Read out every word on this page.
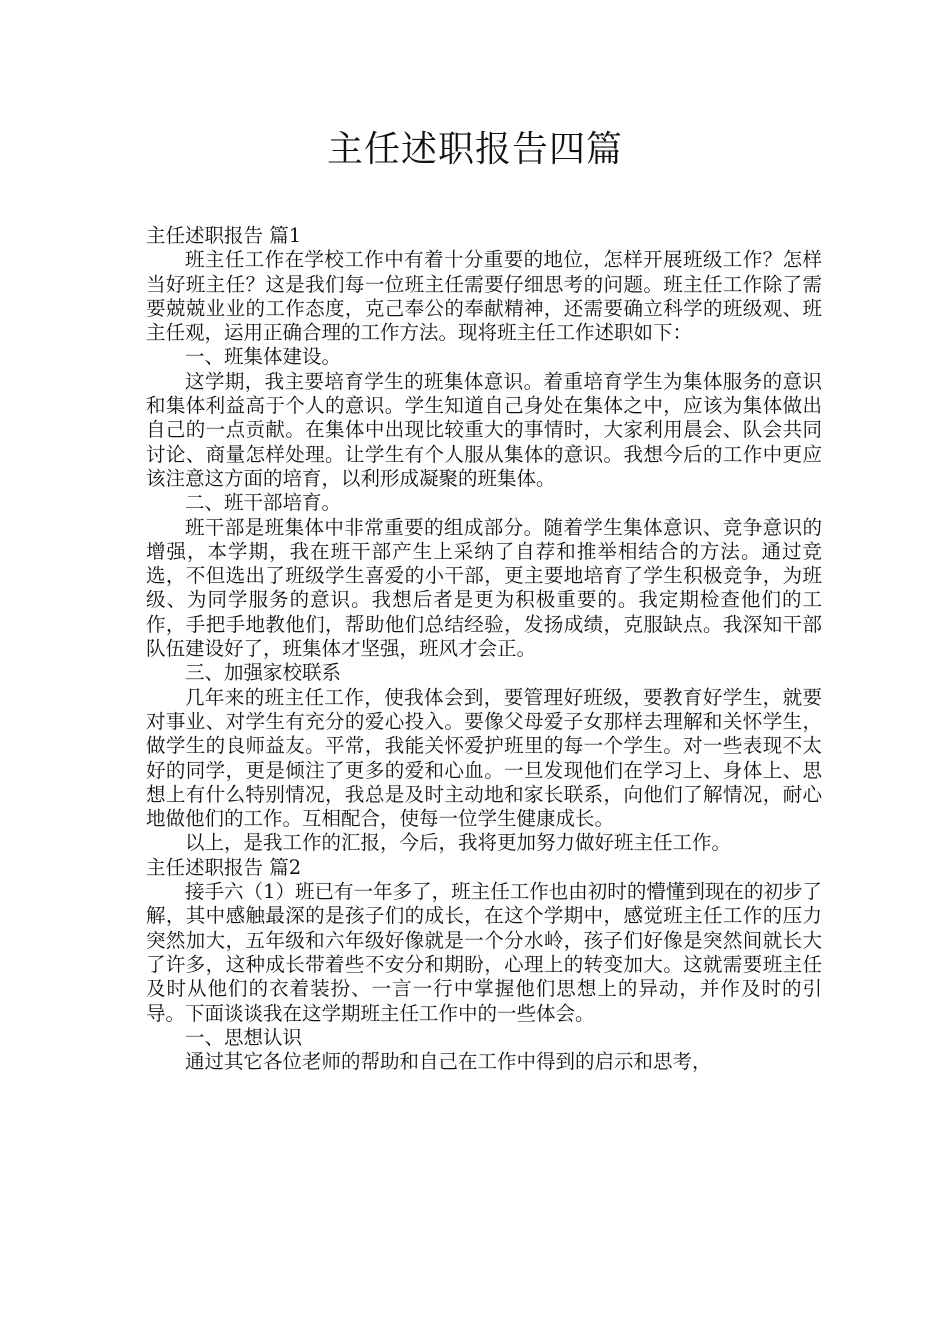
主任述职报告四篇

主任述职报告 篇1

班主任工作在学校工作中有着十分重要的地位，怎样开展班级工作？怎样当好班主任？这是我们每一位班主任需要仔细思考的问题。班主任工作除了需要兢兢业业的工作态度，克己奉公的奉献精神，还需要确立科学的班级观、班主任观，运用正确合理的工作方法。现将班主任工作述职如下：

一、班集体建设。

这学期，我主要培育学生的班集体意识。着重培育学生为集体服务的意识和集体利益高于个人的意识。学生知道自己身处在集体之中，应该为集体做出自己的一点贡献。在集体中出现比较重大的事情时，大家利用晨会、队会共同讨论、商量怎样处理。让学生有个人服从集体的意识。我想今后的工作中更应该注意这方面的培育，以利形成凝聚的班集体。

二、班干部培育。

班干部是班集体中非常重要的组成部分。随着学生集体意识、竞争意识的增强，本学期，我在班干部产生上采纳了自荐和推举相结合的方法。通过竞选，不但选出了班级学生喜爱的小干部，更主要地培育了学生积极竞争，为班级、为同学服务的意识。我想后者是更为积极重要的。我定期检查他们的工作，手把手地教他们，帮助他们总结经验，发扬成绩，克服缺点。我深知干部队伍建设好了，班集体才坚强，班风才会正。

三、加强家校联系

几年来的班主任工作，使我体会到，要管理好班级，要教育好学生，就要对事业、对学生有充分的爱心投入。要像父母爱子女那样去理解和关怀学生，做学生的良师益友。平常，我能关怀爱护班里的每一个学生。对一些表现不太好的同学，更是倾注了更多的爱和心血。一旦发现他们在学习上、身体上、思想上有什么特别情况，我总是及时主动地和家长联系，向他们了解情况，耐心地做他们的工作。互相配合，使每一位学生健康成长。

以上，是我工作的汇报，今后，我将更加努力做好班主任工作。

主任述职报告 篇2

接手六（1）班已有一年多了，班主任工作也由初时的懵懂到现在的初步了解，其中感触最深的是孩子们的成长，在这个学期中，感觉班主任工作的压力突然加大，五年级和六年级好像就是一个分水岭，孩子们好像是突然间就长大了许多，这种成长带着些不安分和期盼，心理上的转变加大。这就需要班主任及时从他们的衣着装扮、一言一行中掌握他们思想上的异动，并作及时的引导。下面谈谈我在这学期班主任工作中的一些体会。

一、思想认识

通过其它各位老师的帮助和自己在工作中得到的启示和思考，
